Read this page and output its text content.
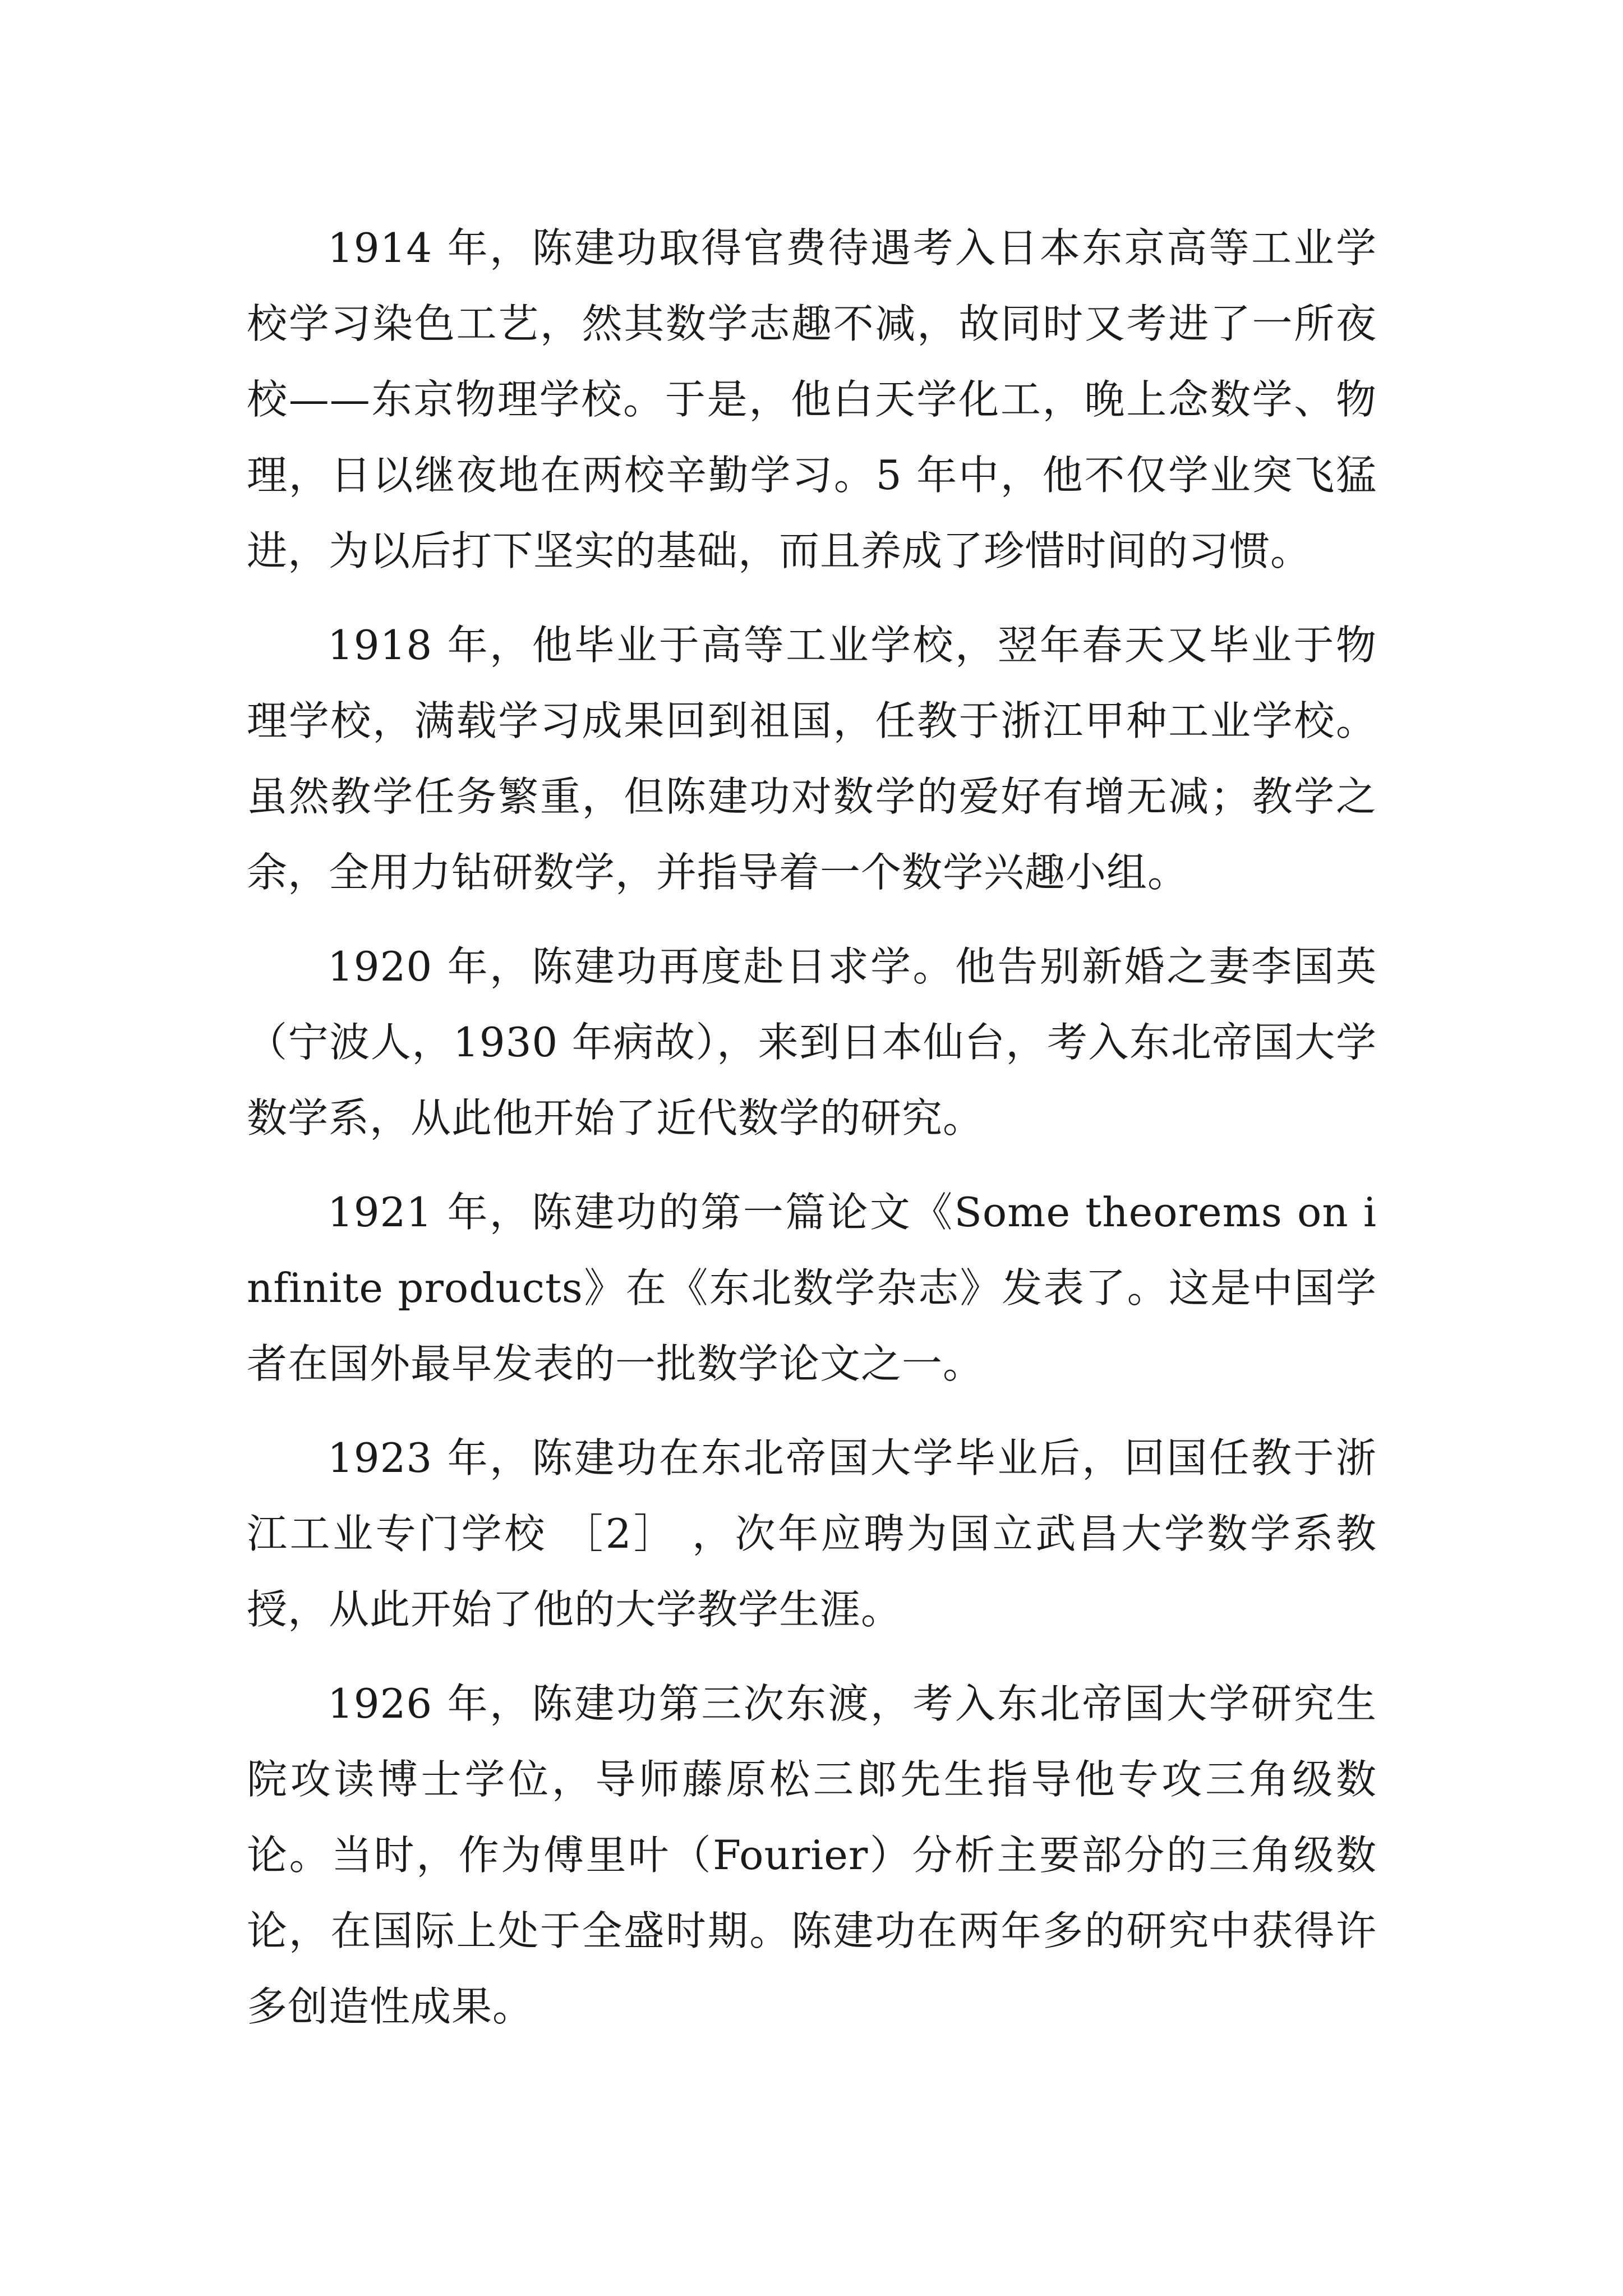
1914 年，陈建功取得官费待遇考入日本东京高等工业学校学习染色工艺，然其数学志趣不减，故同时又考进了一所夜校——东京物理学校。于是，他白天学化工，晚上念数学、物理，日以继夜地在两校辛勤学习。5 年中，他不仅学业突飞猛进，为以后打下坚实的基础，而且养成了珍惜时间的习惯。

1918 年，他毕业于高等工业学校，翌年春天又毕业于物理学校，满载学习成果回到祖国，任教于浙江甲种工业学校。虽然教学任务繁重，但陈建功对数学的爱好有增无减；教学之余，全用力钻研数学，并指导着一个数学兴趣小组。

1920 年，陈建功再度赴日求学。他告别新婚之妻李国英（宁波人，1930 年病故），来到日本仙台，考入东北帝国大学数学系，从此他开始了近代数学的研究。

1921 年，陈建功的第一篇论文《Some theorems on infinite products》在《东北数学杂志》发表了。这是中国学者在国外最早发表的一批数学论文之一。

1923 年，陈建功在东北帝国大学毕业后，回国任教于浙江工业专门学校 ［2］ ，次年应聘为国立武昌大学数学系教授，从此开始了他的大学教学生涯。

1926 年，陈建功第三次东渡，考入东北帝国大学研究生院攻读博士学位，导师藤原松三郎先生指导他专攻三角级数论。当时，作为傅里叶（Fourier）分析主要部分的三角级数论，在国际上处于全盛时期。陈建功在两年多的研究中获得许多创造性成果。
